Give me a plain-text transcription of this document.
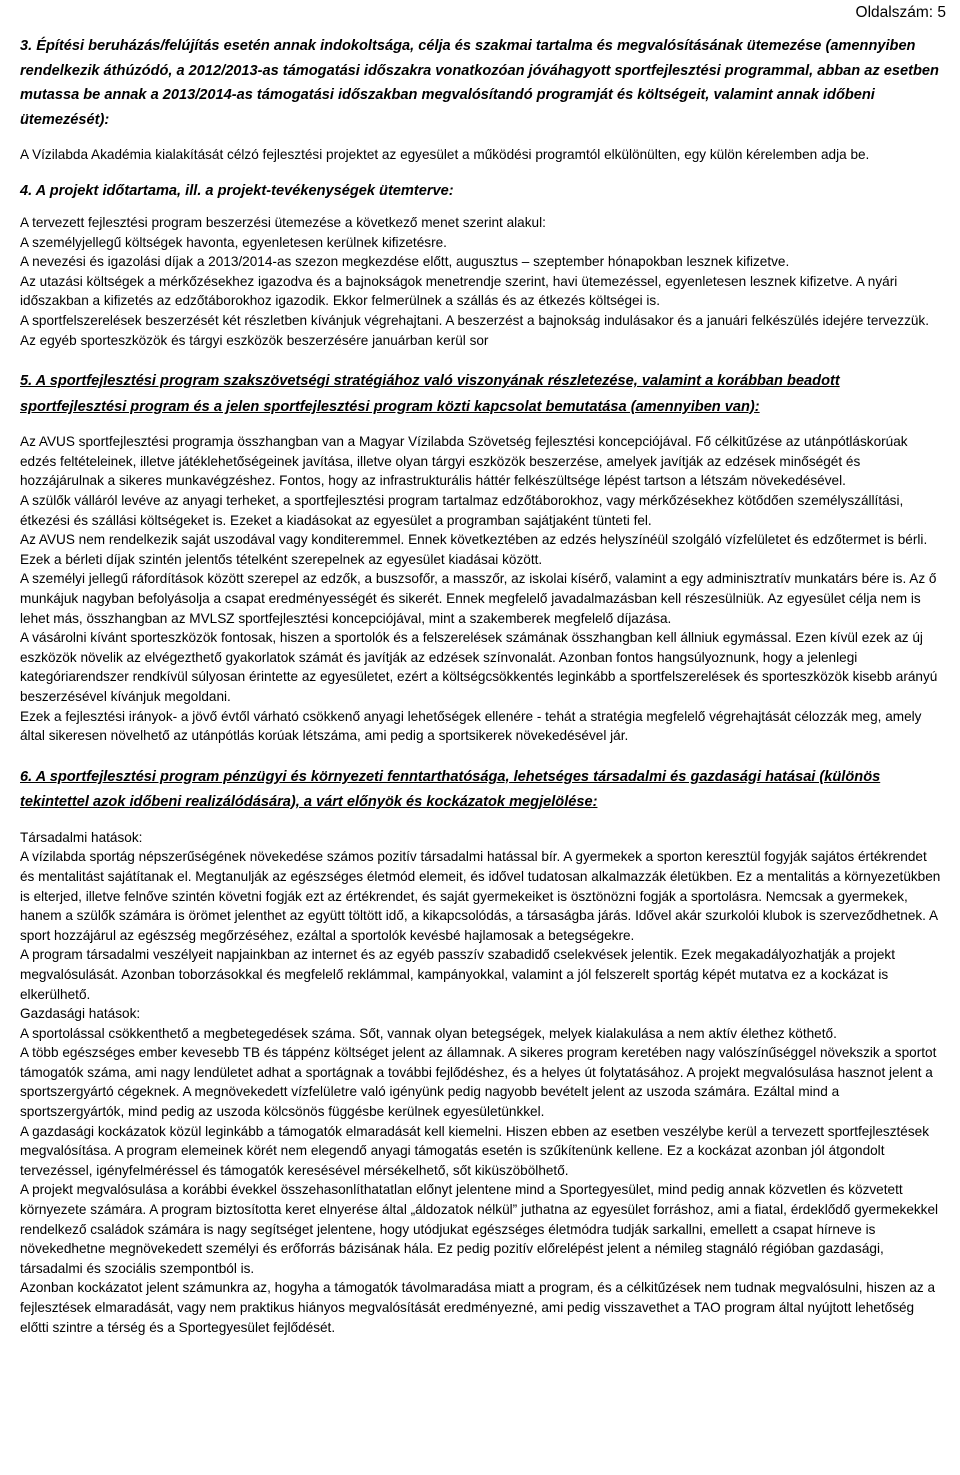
Oldalszám: 5

3. Építési beruházás/felújítás esetén annak indokoltsága, célja és szakmai tartalma és megvalósításának ütemezése (amennyiben rendelkezik áthúzódó, a 2012/2013-as támogatási időszakra vonatkozóan jóváhagyott sportfejlesztési programmal, abban az esetben mutassa be annak a 2013/2014-as támogatási időszakban megvalósítandó programját és költségeit, valamint annak időbeni ütemezését):

A Vízilabda Akadémia kialakítását célzó fejlesztési projektet az egyesület a működési programtól elkülönülten, egy külön kérelemben adja be.

4. A projekt időtartama, ill. a projekt-tevékenységek ütemterve:

A tervezett fejlesztési program beszerzési ütemezése a következő menet szerint alakul:

A személyjellegű költségek havonta, egyenletesen kerülnek kifizetésre.

A nevezési és igazolási díjak a 2013/2014-as szezon megkezdése előtt, augusztus – szeptember hónapokban lesznek kifizetve.

Az utazási költségek a mérkőzésekhez igazodva és a bajnokságok menetrendje szerint, havi ütemezéssel, egyenletesen lesznek kifizetve. A nyári időszakban a kifizetés az edzőtáborokhoz igazodik. Ekkor felmerülnek a szállás és az étkezés költségei is.

A sportfelszerelések beszerzését két részletben kívánjuk végrehajtani. A beszerzést a bajnokság indulásakor és a januári felkészülés idejére tervezzük.

Az egyéb sporteszközök és tárgyi eszközök beszerzésére januárban kerül sor

5. A sportfejlesztési program szakszövetségi stratégiához való viszonyának részletezése, valamint a korábban beadott sportfejlesztési program és a jelen sportfejlesztési program közti kapcsolat bemutatása (amennyiben van):

Az AVUS sportfejlesztési programja összhangban van a Magyar Vízilabda Szövetség fejlesztési koncepciójával. Fő célkitűzése az utánpótláskorúak edzés feltételeinek, illetve játéklehetőségeinek javítása, illetve olyan tárgyi eszközök beszerzése, amelyek javítják az edzések minőségét és hozzájárulnak a sikeres munkavégzéshez. Fontos, hogy az infrastrukturális háttér felkészültsége lépést tartson a létszám növekedésével.

A szülők válláról levéve az anyagi terheket, a sportfejlesztési program tartalmaz edzőtáborokhoz, vagy mérkőzésekhez kötődően személyszállítási, étkezési és szállási költségeket is. Ezeket a kiadásokat az egyesület a programban sajátjaként tünteti fel.

Az AVUS nem rendelkezik saját uszodával vagy konditeremmel. Ennek következtében az edzés helyszínéül szolgáló vízfelületet és edzőtermet is bérli. Ezek a bérleti díjak szintén jelentős tételként szerepelnek az egyesület kiadásai között.

A személyi jellegű ráfordítások között szerepel az edzők, a buszsofőr, a masszőr, az iskolai kísérő, valamint a egy adminisztratív munkatárs bére is. Az ő munkájuk nagyban befolyásolja a csapat eredményességét és sikerét. Ennek megfelelő javadalmazásban kell részesülniük. Az egyesület célja nem is lehet más, összhangban az MVLSZ sportfejlesztési koncepciójával, mint a szakemberek megfelelő díjazása.

A vásárolni kívánt sporteszközök fontosak, hiszen a sportolók és a felszerelések számának összhangban kell állniuk egymással. Ezen kívül ezek az új eszközök növelik az elvégezthető gyakorlatok számát és javítják az edzések színvonalát. Azonban fontos hangsúlyoznunk, hogy a jelenlegi kategóriarendszer rendkívül súlyosan érintette az egyesületet, ezért a költségcsökkentés leginkább a sportfelszerelések és sporteszközök kisebb arányú beszerzésével kívánjuk megoldani.

Ezek a fejlesztési irányok- a jövő évtől várható csökkenő anyagi lehetőségek ellenére - tehát a stratégia megfelelő végrehajtását célozzák meg, amely által sikeresen növelhető az utánpótlás korúak létszáma, ami pedig a sportsikerek növekedésével jár.

6. A sportfejlesztési program pénzügyi és környezeti fenntarthatósága, lehetséges társadalmi és gazdasági hatásai (különös tekintettel azok időbeni realizálódására), a várt előnyök és kockázatok megjelölése:

Társadalmi hatások:

A vízilabda sportág népszerűségének növekedése számos pozitív társadalmi hatással bír. A gyermekek a sporton keresztül fogyják sajátos értékrendet és mentalitást sajátítanak el. Megtanulják az egészséges életmód elemeit, és idővel tudatosan alkalmazzák életükben. Ez a mentalitás a környezetükben is elterjed, illetve felnőve szintén követni fogják ezt az értékrendet, és saját gyermekeiket is ösztönözni fogják a sportolásra. Nemcsak a gyermekek, hanem a szülők számára is örömet jelenthet az együtt töltött idő, a kikapcsolódás, a társaságba járás. Idővel akár szurkolói klubok is szerveződhetnek. A sport hozzájárul az egészség megőrzéséhez, ezáltal a sportolók kevésbé hajlamosak a betegségekre.

A program társadalmi veszélyeit napjainkban az internet és az egyéb passzív szabadidő cselekvések jelentik. Ezek megakadályozhatják a projekt megvalósulását. Azonban toborzásokkal és megfelelő reklámmal, kampányokkal, valamint a jól felszerelt sportág képét mutatva ez a kockázat is elkerülhető.

Gazdasági hatások:

A sportolással csökkenthető a megbetegedések száma. Sőt, vannak olyan betegségek, melyek kialakulása a nem aktív élethez köthető.

A több egészséges ember kevesebb TB és táppénz költséget jelent az államnak. A sikeres program keretében nagy valószínűséggel növekszik a sportot támogatók száma, ami nagy lendületet adhat a sportágnak a további fejlődéshez, és a helyes út folytatásához. A projekt megvalósulása hasznot jelent a sportszergyártó cégeknek. A megnövekedett vízfelületre való igényünk pedig nagyobb bevételt jelent az uszoda számára. Ezáltal mind a sportszergyártók, mind pedig az uszoda kölcsönös függésbe kerülnek egyesületünkkel.

A gazdasági kockázatok közül leginkább a támogatók elmaradását kell kiemelni. Hiszen ebben az esetben veszélybe kerül a tervezett sportfejlesztések megvalósítása. A program elemeinek körét nem elegendő anyagi támogatás esetén is szűkítenünk kellene. Ez a kockázat azonban jól átgondolt tervezéssel, igényfelméréssel és támogatók keresésével mérsékelhető, sőt kiküszöbölhető.

A projekt megvalósulása a korábbi évekkel összehasonlíthatatlan előnyt jelentene mind a Sportegyesület, mind pedig annak közvetlen és közvetett környezete számára. A program biztosította keret elnyerése által „áldozatok nélkül” juthatna az egyesület forráshoz, ami a fiatal, érdeklődő gyermekekkel rendelkező családok számára is nagy segítséget jelentene, hogy utódjukat egészséges életmódra tudják sarkallni, emellett a csapat hírneve is növekedhetne megnövekedett személyi és erőforrás bázisának hála. Ez pedig pozitív előrelépést jelent a némileg stagnáló régióban gazdasági, társadalmi és szociális szempontból is.

Azonban kockázatot jelent számunkra az, hogyha a támogatók távolmaradása miatt a program, és a célkitűzések nem tudnak megvalósulni, hiszen az a fejlesztések elmaradását, vagy nem praktikus hiányos megvalósítását eredményezné, ami pedig visszavethet a TAO program által nyújtott lehetőség előtti szintre a térség és a Sportegyesület fejlődését.
